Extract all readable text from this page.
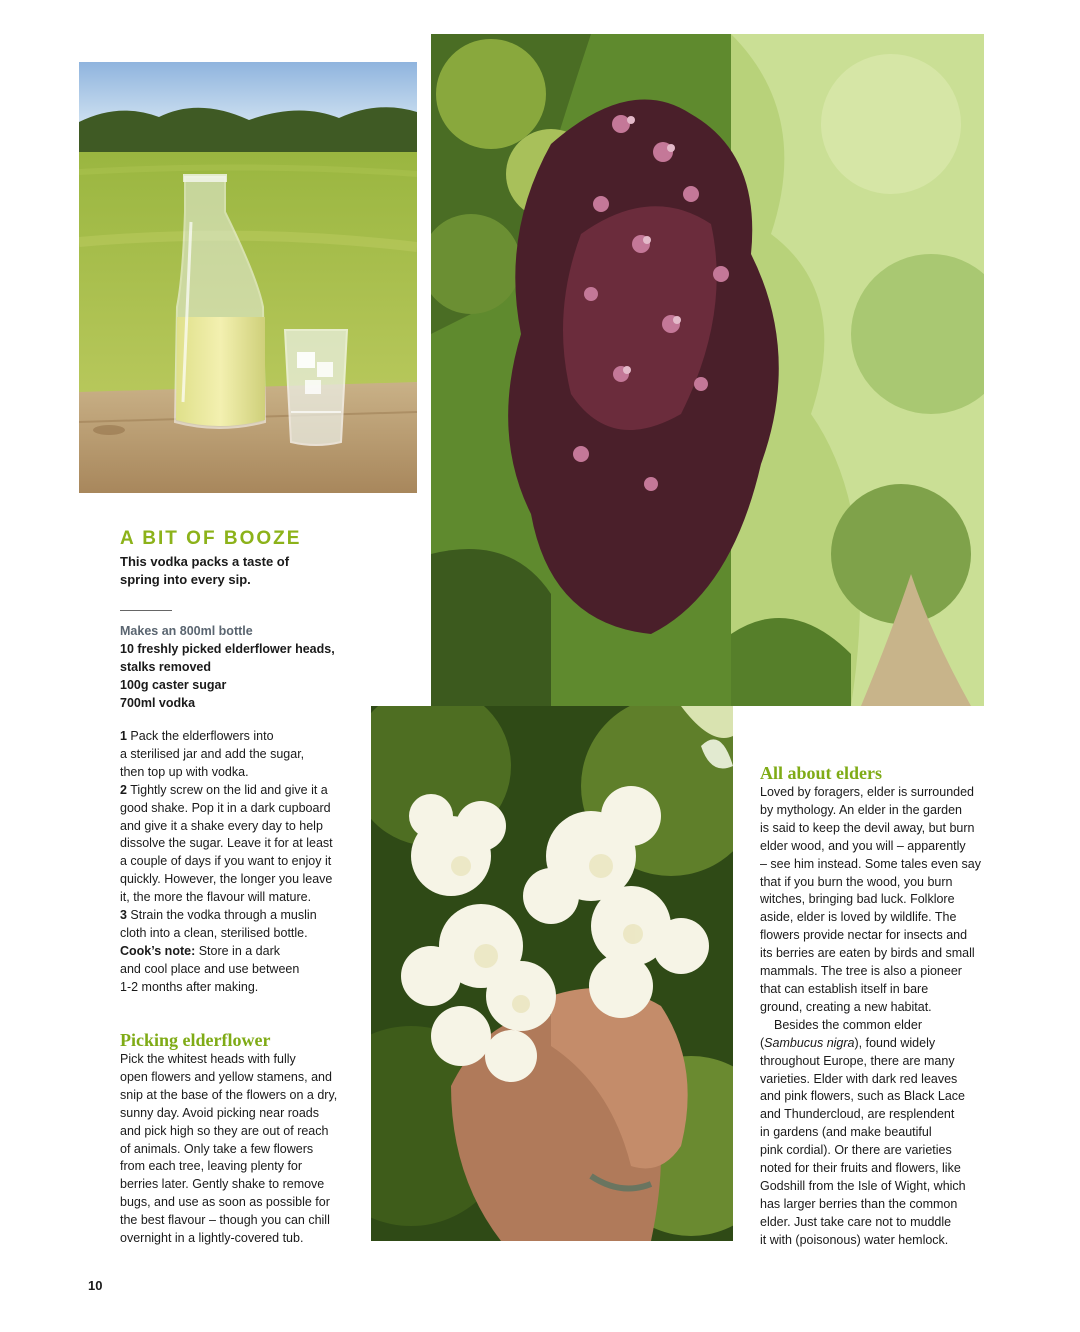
A BIT OF BOOZE
This vodka packs a taste of
spring into every sip.
Makes an 800ml bottle
10 freshly picked elderflower heads,
stalks removed
100g caster sugar
700ml vodka
1 Pack the elderflowers into
a sterilised jar and add the sugar,
then top up with vodka.
2 Tightly screw on the lid and give it a
good shake. Pop it in a dark cupboard
and give it a shake every day to help
dissolve the sugar. Leave it for at least
a couple of days if you want to enjoy it
quickly. However, the longer you leave
it, the more the flavour will mature.
3 Strain the vodka through a muslin
cloth into a clean, sterilised bottle.
Cook’s note: Store in a dark
and cool place and use between
1-2 months after making.
Picking elderflower
Pick the whitest heads with fully
open flowers and yellow stamens, and
snip at the base of the flowers on a dry,
sunny day. Avoid picking near roads
and pick high so they are out of reach
of animals. Only take a few flowers
from each tree, leaving plenty for
berries later. Gently shake to remove
bugs, and use as soon as possible for
the best flavour – though you can chill
overnight in a lightly-covered tub.
All about elders
Loved by foragers, elder is surrounded
by mythology. An elder in the garden
is said to keep the devil away, but burn
elder wood, and you will – apparently
– see him instead. Some tales even say
that if you burn the wood, you burn
witches, bringing bad luck. Folklore
aside, elder is loved by wildlife. The
flowers provide nectar for insects and
its berries are eaten by birds and small
mammals. The tree is also a pioneer
that can establish itself in bare
ground, creating a new habitat.
Besides the common elder
(Sambucus nigra), found widely
throughout Europe, there are many
varieties. Elder with dark red leaves
and pink flowers, such as Black Lace
and Thundercloud, are resplendent
in gardens (and make beautiful
pink cordial). Or there are varieties
noted for their fruits and flowers, like
Godshill from the Isle of Wight, which
has larger berries than the common
elder. Just take care not to muddle
it with (poisonous) water hemlock.
10
